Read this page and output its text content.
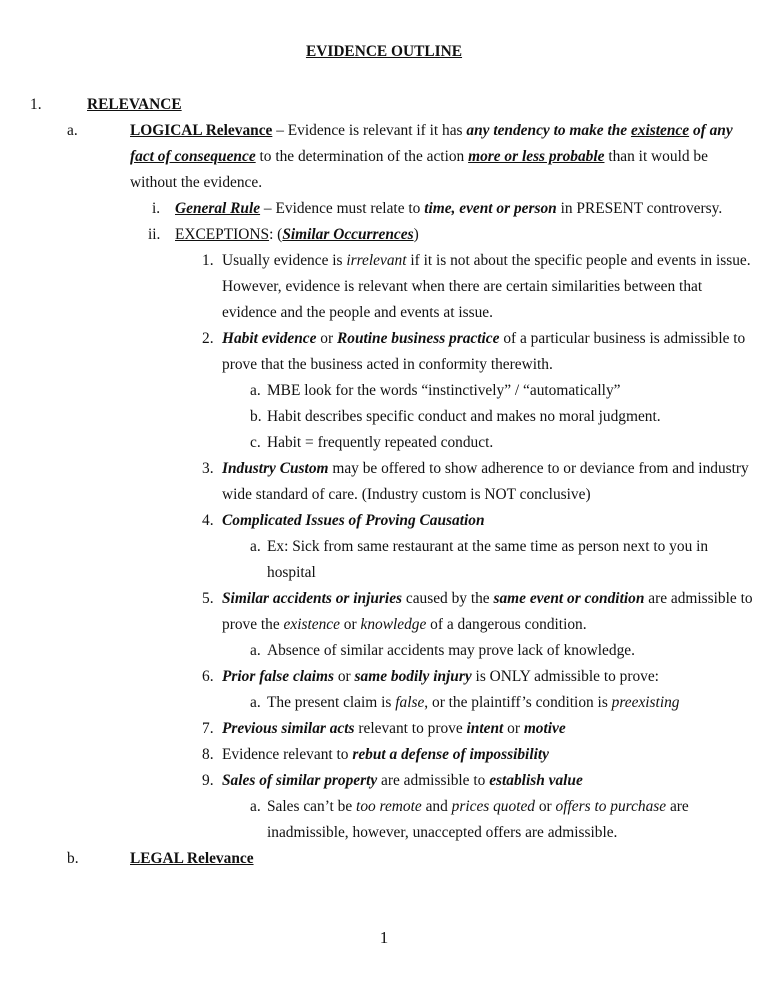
EVIDENCE OUTLINE
1.	RELEVANCE
a.	LOGICAL Relevance – Evidence is relevant if it has any tendency to make the existence of any fact of consequence to the determination of the action more or less probable than it would be without the evidence.
i. General Rule – Evidence must relate to time, event or person in PRESENT controversy.
ii. EXCEPTIONS: (Similar Occurrences)
1. Usually evidence is irrelevant if it is not about the specific people and events in issue. However, evidence is relevant when there are certain similarities between that evidence and the people and events at issue.
2. Habit evidence or Routine business practice of a particular business is admissible to prove that the business acted in conformity therewith.
a. MBE look for the words “instinctively” / “automatically”
b. Habit describes specific conduct and makes no moral judgment.
c. Habit = frequently repeated conduct.
3. Industry Custom may be offered to show adherence to or deviance from and industry wide standard of care. (Industry custom is NOT conclusive)
4. Complicated Issues of Proving Causation
a. Ex: Sick from same restaurant at the same time as person next to you in hospital
5. Similar accidents or injuries caused by the same event or condition are admissible to prove the existence or knowledge of a dangerous condition.
a. Absence of similar accidents may prove lack of knowledge.
6. Prior false claims or same bodily injury is ONLY admissible to prove:
a. The present claim is false, or the plaintiff’s condition is preexisting
7. Previous similar acts relevant to prove intent or motive
8. Evidence relevant to rebut a defense of impossibility
9. Sales of similar property are admissible to establish value
a. Sales can’t be too remote and prices quoted or offers to purchase are inadmissible, however, unaccepted offers are admissible.
b.	LEGAL Relevance
1
